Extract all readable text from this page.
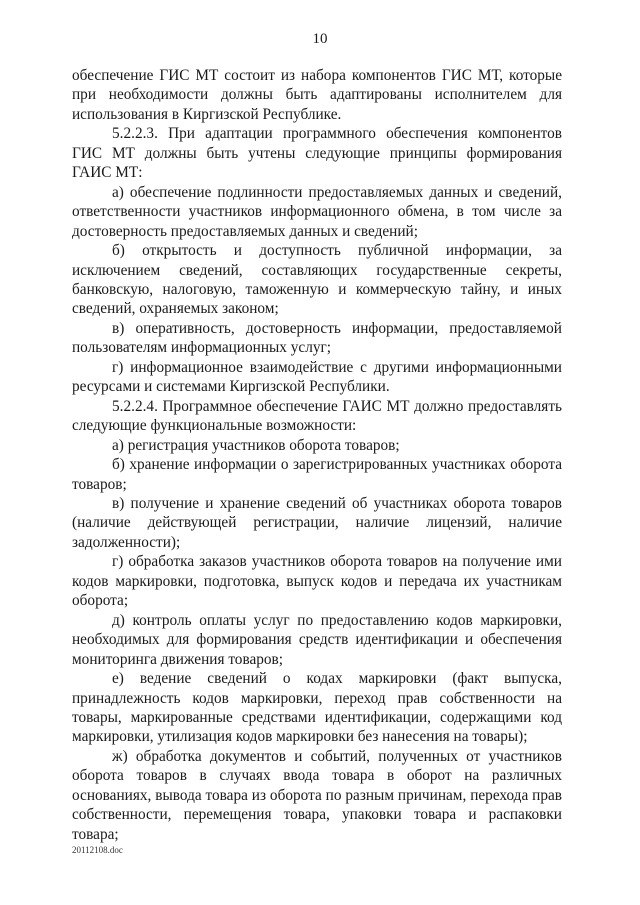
10

обеспечение ГИС МТ состоит из набора компонентов ГИС МТ, которые при необходимости должны быть адаптированы исполнителем для использования в Киргизской Республике.

5.2.2.3. При адаптации программного обеспечения компонентов ГИС МТ должны быть учтены следующие принципы формирования ГАИС МТ:

а) обеспечение подлинности предоставляемых данных и сведений, ответственности участников информационного обмена, в том числе за достоверность предоставляемых данных и сведений;

б) открытость и доступность публичной информации, за исключением сведений, составляющих государственные секреты, банковскую, налоговую, таможенную и коммерческую тайну, и иных сведений, охраняемых законом;

в) оперативность, достоверность информации, предоставляемой пользователям информационных услуг;

г) информационное взаимодействие с другими информационными ресурсами и системами Киргизской Республики.

5.2.2.4. Программное обеспечение ГАИС МТ должно предоставлять следующие функциональные возможности:

а) регистрация участников оборота товаров;

б) хранение информации о зарегистрированных участниках оборота товаров;

в) получение и хранение сведений об участниках оборота товаров (наличие действующей регистрации, наличие лицензий, наличие задолженности);

г) обработка заказов участников оборота товаров на получение ими кодов маркировки, подготовка, выпуск кодов и передача их участникам оборота;

д) контроль оплаты услуг по предоставлению кодов маркировки, необходимых для формирования средств идентификации и обеспечения мониторинга движения товаров;

е) ведение сведений о кодах маркировки (факт выпуска, принадлежность кодов маркировки, переход прав собственности на товары, маркированные средствами идентификации, содержащими код маркировки, утилизация кодов маркировки без нанесения на товары);

ж) обработка документов и событий, полученных от участников оборота товаров в случаях ввода товара в оборот на различных основаниях, вывода товара из оборота по разным причинам, перехода прав собственности, перемещения товара, упаковки товара и распаковки товара;

20112108.doc
